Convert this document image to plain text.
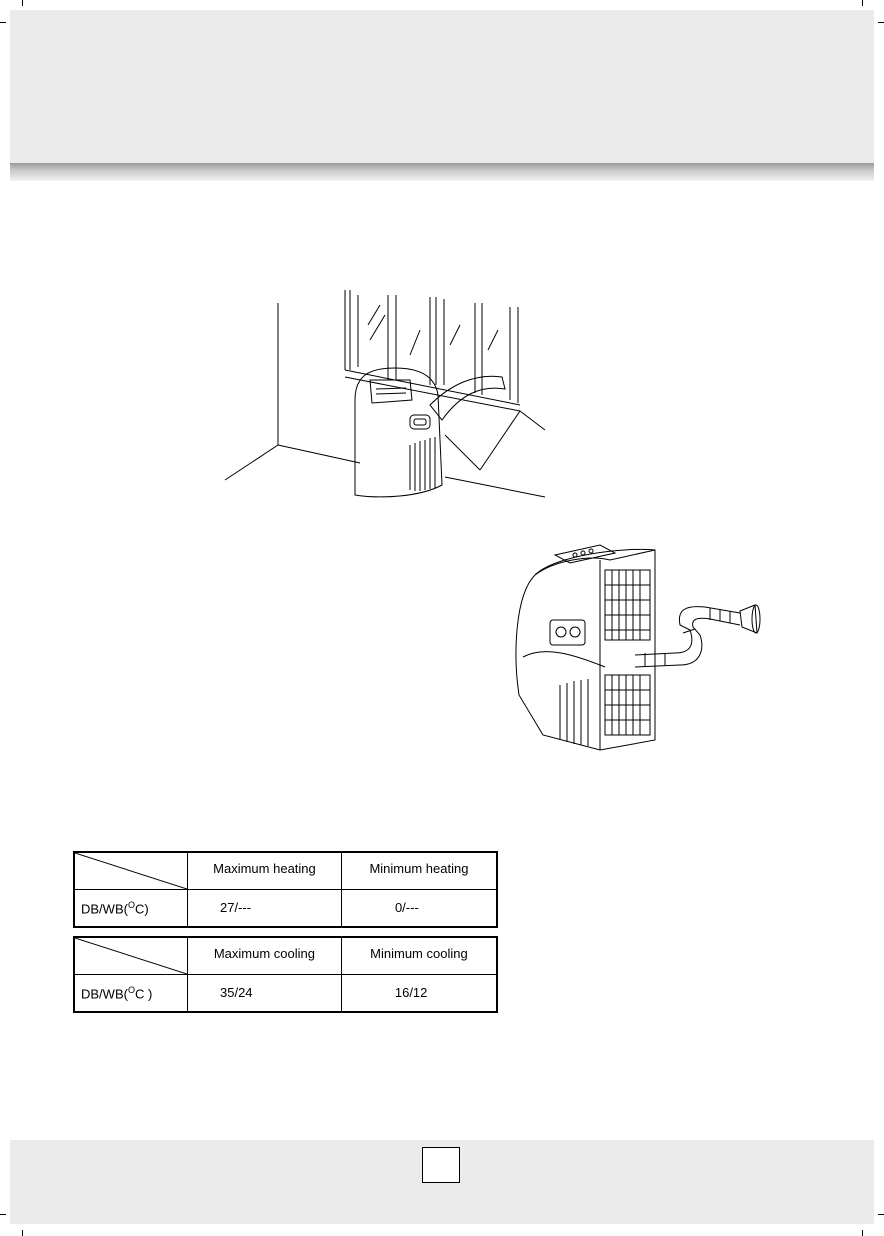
	Maximum heating	Minimum heating
DB/WB($^O$C)	27/---	0/---
	Maximum cooling	Minimum cooling
DB/WB($^O$C )	35/24	16/12
